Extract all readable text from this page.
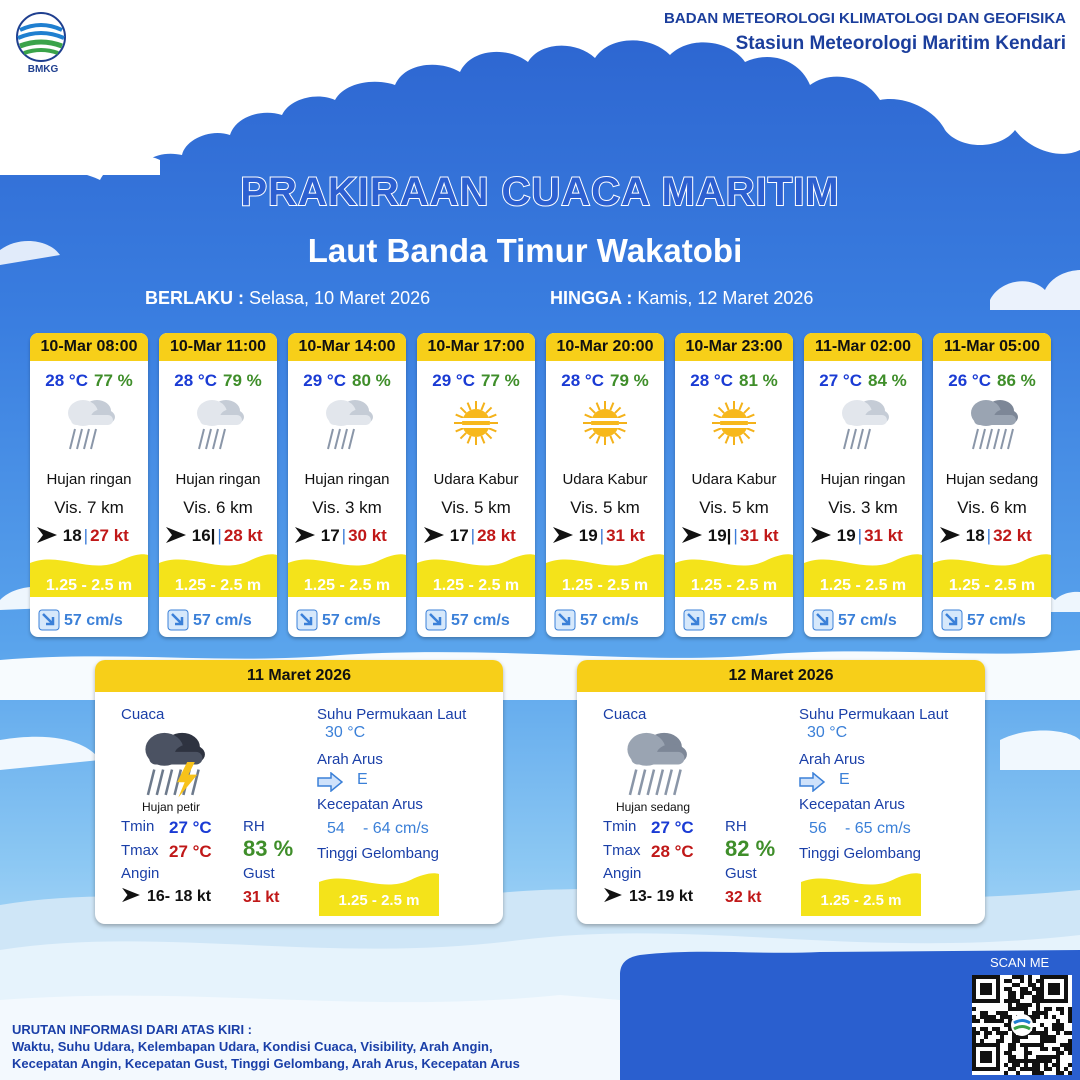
BMKG
BADAN METEOROLOGI KLIMATOLOGI DAN GEOFISIKA
Stasiun Meteorologi Maritim Kendari
PRAKIRAAN CUACA MARITIM
Laut Banda Timur Wakatobi
BERLAKU : Selasa, 10 Maret 2026	HINGGA : Kamis, 12 Maret 2026
10-Mar 08:00
28 °C 77 %
Hujan ringan
Vis. 7 km
18 | 27 kt
1.25 - 2.5 m
57 cm/s
10-Mar 11:00
28 °C 79 %
Hujan ringan
Vis. 6 km
16| | 28 kt
1.25 - 2.5 m
57 cm/s
10-Mar 14:00
29 °C 80 %
Hujan ringan
Vis. 3 km
17 | 30 kt
1.25 - 2.5 m
57 cm/s
10-Mar 17:00
29 °C 77 %
Udara Kabur
Vis. 5 km
17 | 28 kt
1.25 - 2.5 m
57 cm/s
10-Mar 20:00
28 °C 79 %
Udara Kabur
Vis. 5 km
19 | 31 kt
1.25 - 2.5 m
57 cm/s
10-Mar 23:00
28 °C 81 %
Udara Kabur
Vis. 5 km
19| | 31 kt
1.25 - 2.5 m
57 cm/s
11-Mar 02:00
27 °C 84 %
Hujan ringan
Vis. 3 km
19 | 31 kt
1.25 - 2.5 m
57 cm/s
11-Mar 05:00
26 °C 86 %
Hujan sedang
Vis. 6 km
18 | 32 kt
1.25 - 2.5 m
57 cm/s
11 Maret 2026
Cuaca
Hujan petir
Tmin 27 °C
Tmax 27 °C
RH
83 %
Angin
16- 18 kt
Gust
31 kt
Suhu Permukaan Laut
30 °C
Arah Arus
E
Kecepatan Arus
54 - 64 cm/s
Tinggi Gelombang
1.25 - 2.5 m
12 Maret 2026
Cuaca
Hujan sedang
Tmin 27 °C
Tmax 28 °C
RH
82 %
Angin
13- 19 kt
Gust
32 kt
Suhu Permukaan Laut
30 °C
Arah Arus
E
Kecepatan Arus
56 - 65 cm/s
Tinggi Gelombang
1.25 - 2.5 m
URUTAN INFORMASI DARI ATAS KIRI :
Waktu, Suhu Udara, Kelembapan Udara, Kondisi Cuaca, Visibility, Arah Angin,
Kecepatan Angin, Kecepatan Gust, Tinggi Gelombang, Arah Arus, Kecepatan Arus
SCAN ME
